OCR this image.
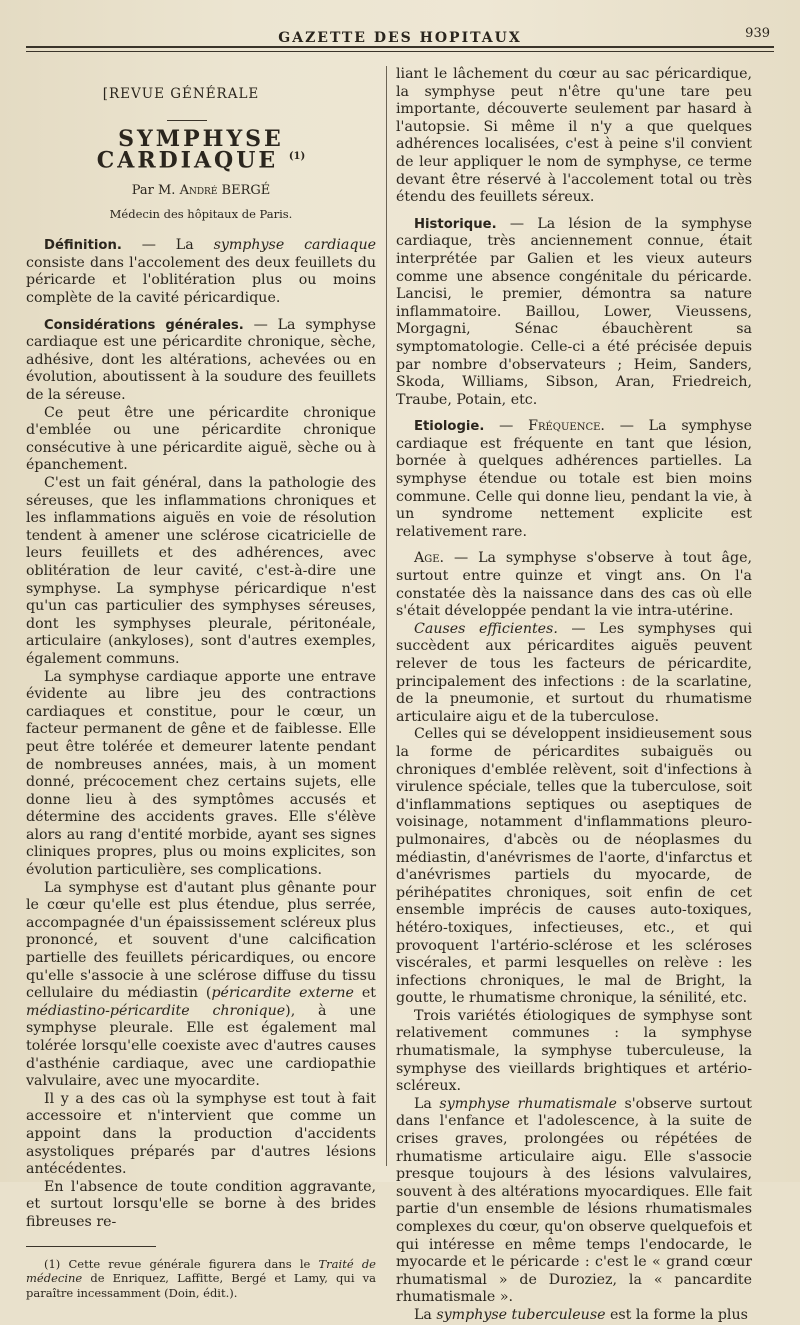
GAZETTE DES HOPITAUX	939
[REVUE GÉNÉRALE
SYMPHYSE CARDIAQUE $^{(1)}$
Par M. André BERGÉ
Médecin des hôpitaux de Paris.

Définition. — La symphyse cardiaque consiste dans l'accolement des deux feuillets du péricarde et l'oblitération plus ou moins complète de la cavité péricardique.

Considérations générales. — La symphyse cardiaque est une péricardite chronique, sèche, adhésive, dont les altérations, achevées ou en évolution, aboutissent à la soudure des feuillets de la séreuse.

Ce peut être une péricardite chronique d'emblée ou une péricardite chronique consécutive à une péricardite aiguë, sèche ou à épanchement.

C'est un fait général, dans la pathologie des séreuses, que les inflammations chroniques et les inflammations aiguës en voie de résolution tendent à amener une sclérose cicatricielle de leurs feuillets et des adhérences, avec oblitération de leur cavité, c'est-à-dire une symphyse. La symphyse péricardique n'est qu'un cas particulier des symphyses séreuses, dont les symphyses pleurale, péritonéale, articulaire (ankyloses), sont d'autres exemples, également communs.

La symphyse cardiaque apporte une entrave évidente au libre jeu des contractions cardiaques et constitue, pour le cœur, un facteur permanent de gêne et de faiblesse. Elle peut être tolérée et demeurer latente pendant de nombreuses années, mais, à un moment donné, précocement chez certains sujets, elle donne lieu à des symptômes accusés et détermine des accidents graves. Elle s'élève alors au rang d'entité morbide, ayant ses signes cliniques propres, plus ou moins explicites, son évolution particulière, ses complications.

La symphyse est d'autant plus gênante pour le cœur qu'elle est plus étendue, plus serrée, accompagnée d'un épaississement scléreux plus prononcé, et souvent d'une calcification partielle des feuillets péricardiques, ou encore qu'elle s'associe à une sclérose diffuse du tissu cellulaire du médiastin (péricardite externe et médiastino-péricardite chronique), à une symphyse pleurale. Elle est également mal tolérée lorsqu'elle coexiste avec d'autres causes d'asthénie cardiaque, avec une cardiopathie valvulaire, avec une myocardite.

Il y a des cas où la symphyse est tout à fait accessoire et n'intervient que comme un appoint dans la production d'accidents asystoliques préparés par d'autres lésions antécédentes.

En l'absence de toute condition aggravante, et surtout lorsqu'elle se borne à des brides fibreuses re-

(1) Cette revue générale figurera dans le Traité de médecine de Enriquez, Laffitte, Bergé et Lamy, qui va paraître incessamment (Doin, édit.).

liant le lâchement du cœur au sac péricardique, la symphyse peut n'être qu'une tare peu importante, découverte seulement par hasard à l'autopsie. Si même il n'y a que quelques adhérences localisées, c'est à peine s'il convient de leur appliquer le nom de symphyse, ce terme devant être réservé à l'accolement total ou très étendu des feuillets séreux.

Historique. — La lésion de la symphyse cardiaque, très anciennement connue, était interprétée par Galien et les vieux auteurs comme une absence congénitale du péricarde. Lancisi, le premier, démontra sa nature inflammatoire. Baillou, Lower, Vieussens, Morgagni, Sénac ébauchèrent sa symptomatologie. Celle-ci a été précisée depuis par nombre d'observateurs ; Heim, Sanders, Skoda, Williams, Sibson, Aran, Friedreich, Traube, Potain, etc.

Etiologie. — Fréquence. — La symphyse cardiaque est fréquente en tant que lésion, bornée à quelques adhérences partielles. La symphyse étendue ou totale est bien moins commune. Celle qui donne lieu, pendant la vie, à un syndrome nettement explicite est relativement rare.

Age. — La symphyse s'observe à tout âge, surtout entre quinze et vingt ans. On l'a constatée dès la naissance dans des cas où elle s'était développée pendant la vie intra-utérine.

Causes efficientes. — Les symphyses qui succèdent aux péricardites aiguës peuvent relever de tous les facteurs de péricardite, principalement des infections : de la scarlatine, de la pneumonie, et surtout du rhumatisme articulaire aigu et de la tuberculose.

Celles qui se développent insidieusement sous la forme de péricardites subaiguës ou chroniques d'emblée relèvent, soit d'infections à virulence spéciale, telles que la tuberculose, soit d'inflammations septiques ou aseptiques de voisinage, notamment d'inflammations pleuro-pulmonaires, d'abcès ou de néoplasmes du médiastin, d'anévrismes de l'aorte, d'infarctus et d'anévrismes partiels du myocarde, de périhépatites chroniques, soit enfin de cet ensemble imprécis de causes auto-toxiques, hétéro-toxiques, infectieuses, etc., et qui provoquent l'artério-sclérose et les scléroses viscérales, et parmi lesquelles on relève : les infections chroniques, le mal de Bright, la goutte, le rhumatisme chronique, la sénilité, etc.

Trois variétés étiologiques de symphyse sont relativement communes : la symphyse rhumatismale, la symphyse tuberculeuse, la symphyse des vieillards brightiques et artério-scléreux.

La symphyse rhumatismale s'observe surtout dans l'enfance et l'adolescence, à la suite de crises graves, prolongées ou répétées de rhumatisme articulaire aigu. Elle s'associe presque toujours à des lésions valvulaires, souvent à des altérations myocardiques. Elle fait partie d'un ensemble de lésions rhumatismales complexes du cœur, qu'on observe quelquefois et qui intéresse en même temps l'endocarde, le myocarde et le péricarde : c'est le « grand cœur rhumatismal » de Duroziez, la « pancardite rhumatismale ».

La symphyse tuberculeuse est la forme la plus
